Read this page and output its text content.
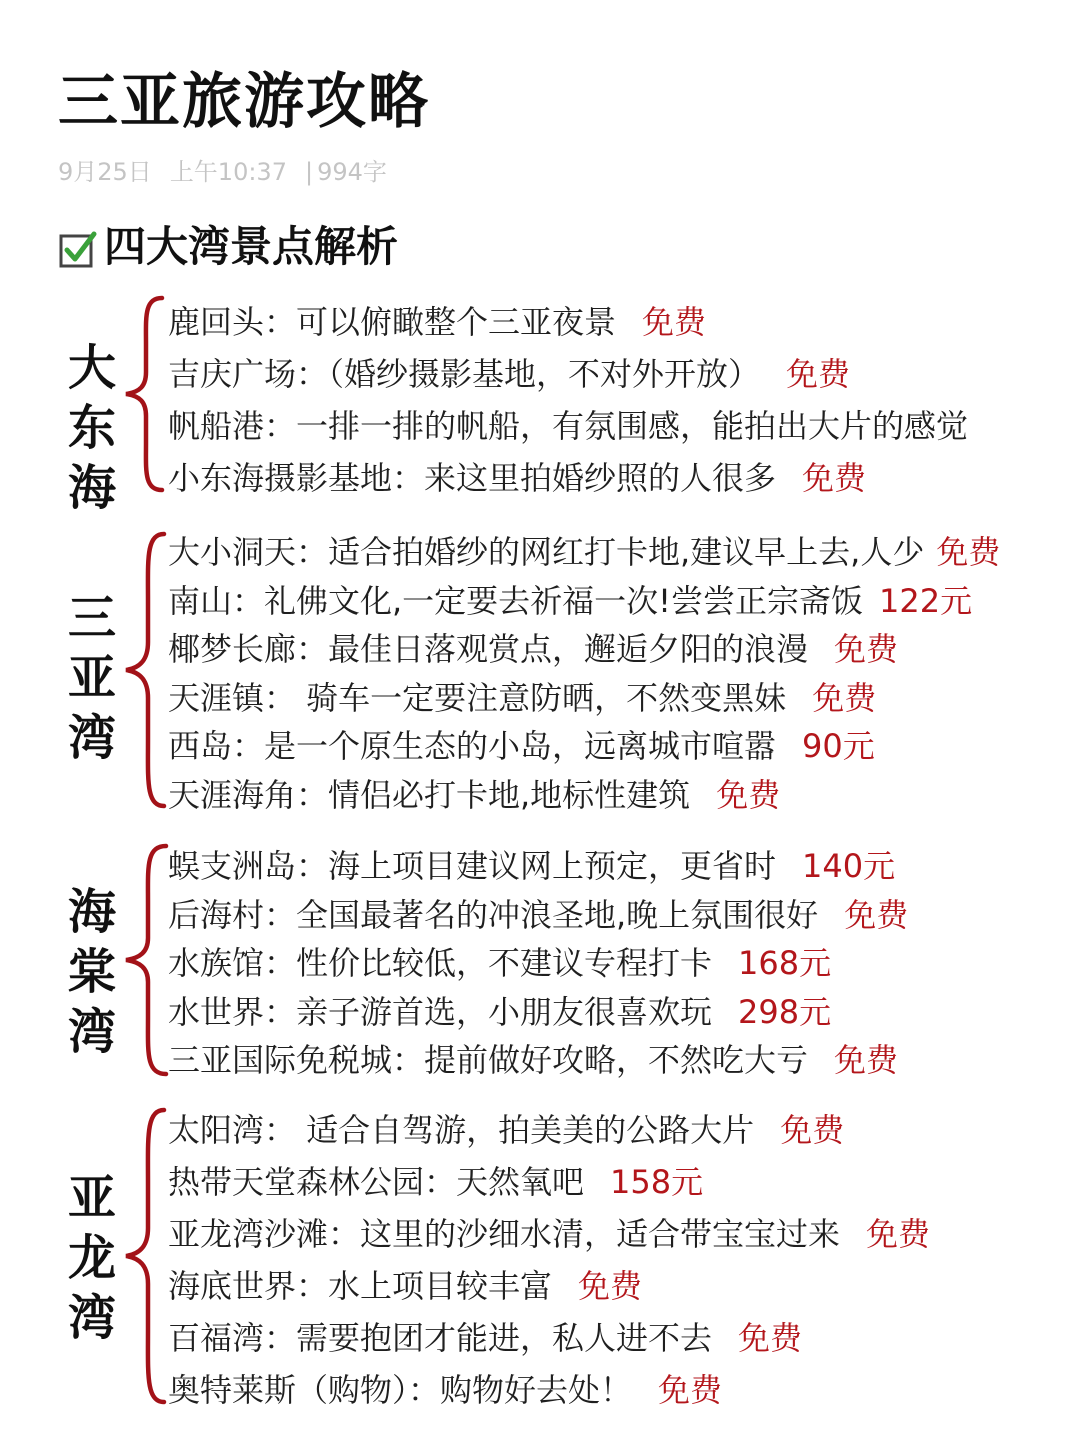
三亚旅游攻略
9月25日 上午10:37 | 994字
四大湾景点解析
大
东
海
鹿回头：可以俯瞰整个三亚夜景 免费
吉庆广场：（婚纱摄影基地，不对外开放） 免费
帆船港：一排一排的帆船，有氛围感，能拍出大片的感觉
小东海摄影基地：来这里拍婚纱照的人很多 免费
三
亚
湾
大小洞天：适合拍婚纱的网红打卡地,建议早上去,人少 免费
南山：礼佛文化,一定要去祈福一次!尝尝正宗斋饭 122元
椰梦长廊：最佳日落观赏点，邂逅夕阳的浪漫 免费
天涯镇： 骑车一定要注意防晒，不然变黑妹 免费
西岛：是一个原生态的小岛，远离城市喧嚣 90元
天涯海角：情侣必打卡地,地标性建筑 免费
海
棠
湾
蜈支洲岛：海上项目建议网上预定，更省时 140元
后海村：全国最著名的冲浪圣地,晚上氛围很好 免费
水族馆：性价比较低，不建议专程打卡 168元
水世界：亲子游首选，小朋友很喜欢玩 298元
三亚国际免税城：提前做好攻略，不然吃大亏 免费
亚
龙
湾
太阳湾： 适合自驾游，拍美美的公路大片 免费
热带天堂森林公园：天然氧吧 158元
亚龙湾沙滩：这里的沙细水清，适合带宝宝过来 免费
海底世界：水上项目较丰富 免费
百福湾：需要抱团才能进，私人进不去 免费
奥特莱斯（购物）：购物好去处！ 免费
